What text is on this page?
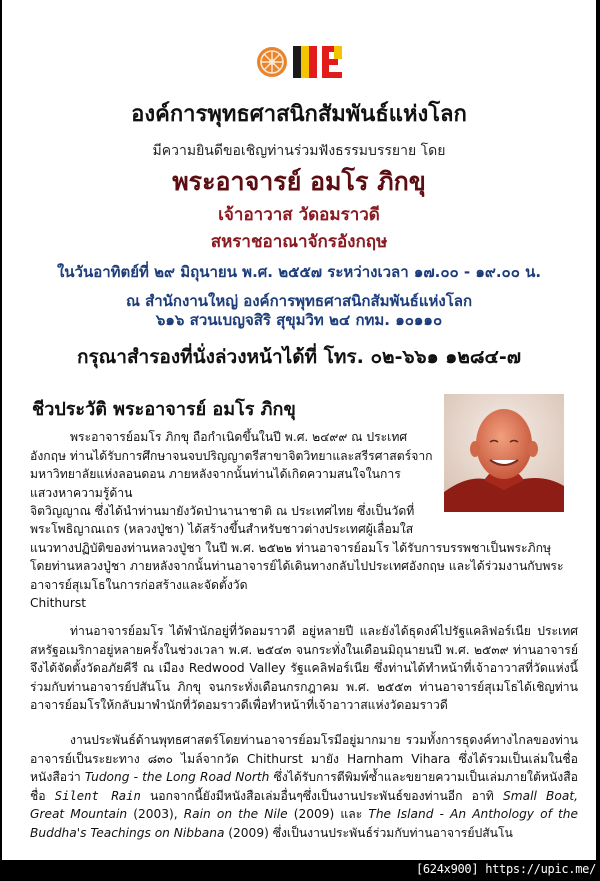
องค์การพุทธศาสนิกสัมพันธ์แห่งโลก
มีความยินดีขอเชิญท่านร่วมฟังธรรมบรรยาย โดย
พระอาจารย์ อมโร ภิกขุ
เจ้าอาวาส วัดอมราวดี
สหราชอาณาจักรอังกฤษ
ในวันอาทิตย์ที่ ๒๙ มิถุนายน พ.ศ. ๒๕๕๗ ระหว่างเวลา ๑๗.๐๐ - ๑๙.๐๐ น.
ณ สำนักงานใหญ่ องค์การพุทธศาสนิกสัมพันธ์แห่งโลก
๖๑๖ สวนเบญจสิริ สุขุมวิท ๒๔ กทม. ๑๐๑๑๐
กรุณาสำรองที่นั่งล่วงหน้าได้ที่ โทร. ๐๒-๖๖๑ ๑๒๘๔-๗
ชีวประวัติ พระอาจารย์ อมโร ภิกขุ

พระอาจารย์อมโร ภิกขุ ถือกำเนิดขึ้นในปี พ.ศ. ๒๔๙๙ ณ ประเทศ

อังกฤษ ท่านได้รับการศึกษาจนจบปริญญาตรีสาขาจิตวิทยาและสรีรศาสตร์จาก

มหาวิทยาลัยแห่งลอนดอน ภายหลังจากนั้นท่านได้เกิดความสนใจในการ

แสวงหาความรู้ด้าน

จิตวิญญาณ ซึ่งได้นำท่านมายังวัดป่านานาชาติ ณ ประเทศไทย ซึ่งเป็นวัดที่

พระโพธิญาณเถร (หลวงปู่ชา) ได้สร้างขึ้นสำหรับชาวต่างประเทศผู้เลื่อมใส

แนวทางปฏิบัติของท่านหลวงปู่ชา ในปี พ.ศ. ๒๕๒๒ ท่านอาจารย์อมโร ได้รับการบรรพชาเป็นพระภิกษุ

โดยท่านหลวงปู่ชา ภายหลังจากนั้นท่านอาจารย์ได้เดินทางกลับไปประเทศอังกฤษ และได้ร่วมงานกับพระ

อาจารย์สุเมโธในการก่อสร้างและจัดตั้งวัด

Chithurst

ท่านอาจารย์อมโร ได้พำนักอยู่ที่วัดอมราวดี อยู่หลายปี และยังได้ธุดงค์ไปรัฐแคลิฟอร์เนีย ประเทศสหรัฐอเมริกาอยู่หลายครั้งในช่วงเวลา พ.ศ. ๒๕๔๓ จนกระทั่งในเดือนมิถุนายนปี พ.ศ. ๒๕๓๙ ท่านอาจารย์จึงได้จัดตั้งวัดอภัยคีรี ณ เมือง Redwood Valley รัฐแคลิฟอร์เนีย ซึ่งท่านได้ทำหน้าที่เจ้าอาวาสที่วัดแห่งนี้ร่วมกับท่านอาจารย์ปสันโน ภิกขุ จนกระทั่งเดือนกรกฎาคม พ.ศ. ๒๕๕๓ ท่านอาจารย์สุเมโธได้เชิญท่านอาจารย์อมโรให้กลับมาพำนักที่วัดอมราวดีเพื่อทำหน้าที่เจ้าอาวาสแห่งวัดอมราวดี

งานประพันธ์ด้านพุทธศาสตร์โดยท่านอาจารย์อมโรมีอยู่มากมาย รวมทั้งการธุดงค์ทางไกลของท่านอาจารย์เป็นระยะทาง ๘๓๐ ไมล์จากวัด Chithurst มายัง Harnham Vihara ซึ่งได้รวมเป็นเล่มในชื่อหนังสือว่า Tudong - the Long Road North ซึ่งได้รับการตีพิมพ์ซ้ำและขยายความเป็นเล่มภายใต้หนังสือชื่อ Silent Rain นอกจากนี้ยังมีหนังสือเล่มอื่นๆซึ่งเป็นงานประพันธ์ของท่านอีก อาทิ Small Boat, Great Mountain (2003), Rain on the Nile (2009) และ The Island - An Anthology of the Buddha's Teachings on Nibbana (2009) ซึ่งเป็นงานประพันธ์ร่วมกับท่านอาจารย์ปสันโน

[624x900] https://upic.me/
